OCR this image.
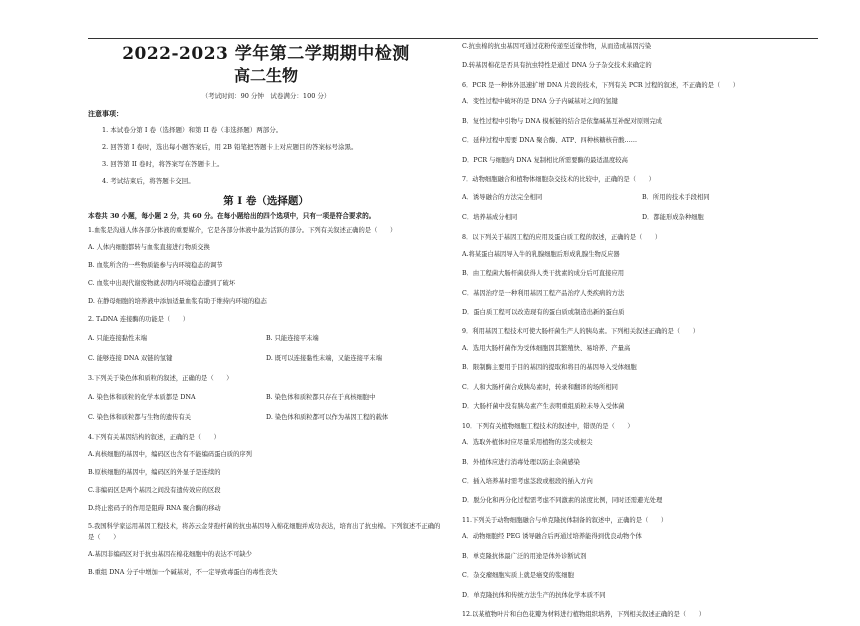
2022-2023 学年第二学期期中检测
高二生物
（考试时间：90 分钟　试卷满分：100 分）
注意事项：
1. 本试卷分第 I 卷（选择题）和第 II 卷（非选择题）两部分。
2. 回答第 I 卷时，选出每小题答案后，用 2B 铅笔把答题卡上对应题目的答案标号涂黑。
3. 回答第 II 卷时，将答案写在答题卡上。
4. 考试结束后，将答题卡交回。
第 I 卷（选择题）
本卷共 30 小题，每小题 2 分，共 60 分。在每小题给出的四个选项中，只有一项是符合要求的。
1.血浆是沟通人体各部分体液的重要媒介，它是各部分体液中最为活跃的部分。下列有关叙述正确的是（　　）
A. 人体内细胞都转与血浆直接进行物质交换
B. 血浆所含的一些物质能参与内环境稳态的调节
C. 血浆中出现代谢废物就表明内环境稳态遭到了破坏
D. 在静母细胞的培养液中添加适量血浆有助于维持内环境的稳态
2. T₄DNA 连接酶的功能是（　　）
A. 只能连接黏性末端	B. 只能连接平末端
C. 能够连接 DNA 双链的氢键	D. 既可以连接黏性末端，又能连接平末端
3.下列关于染色体和质粒的叙述，正确的是（　　）
A. 染色体和质粒的化学本质都是 DNA	B. 染色体和质粒都只存在于真核细胞中
C. 染色体和质粒都与生物的遗传有关	D. 染色体和质粒都可以作为基因工程的载体
4.下列有关基因结构的叙述，正确的是（　　）
A.真核细胞的基因中，编码区也含有不能编码蛋白质的序列
B.原核细胞的基因中，编码区的外显子是连续的
C.非编码区是两个基因之间没有遗传效应的区段
D.终止密码子的作用是阻碍 RNA 聚合酶的移动
5.我国科学家运用基因工程技术，将苏云金芽孢杆菌的抗虫基因导入棉花细胞并成功表达，培育出了抗虫棉。下列叙述不正确的是（　　）
A.基因非编码区对于抗虫基因在棉花细胞中的表达不可缺少
B.重组 DNA 分子中增加一个碱基对，不一定导致毒蛋白的毒性丧失
C.抗虫棉的抗虫基因可通过花粉传递至近缘作物，从而造成基因污染
D.转基因棉花是否具有抗虫特性是通过 DNA 分子杂交技术来确定的
6．PCR 是一种体外迅速扩增 DNA 片段的技术，下列有关 PCR 过程的叙述，不正确的是（　　）
A．变性过程中破坏的是 DNA 分子内碱基对之间的氢键
B．复性过程中引物与 DNA 模板链的结合是依靠碱基互补配对原则完成
C．延伸过程中需要 DNA 聚合酶、ATP、四种核糖核苷酸……
D．PCR 与细胞内 DNA 复制相比所需要酶的最适温度较高
7．动物细胞融合和植物体细胞杂交技术的比较中，正确的是（　　）
A．诱导融合的方法完全相同	B．所用的技术手段相同
C．培养基成分相同	D．都能形成杂种细胞
8．以下列关于基因工程的应用及蛋白质工程的叙述，正确的是（　　）
A.将某蛋白基因导入牛的乳腺细胞后形成乳腺生物反应器
B．由工程菌大肠杆菌获得人类干扰素的成分后可直接应用
C．基因治疗是一种利用基因工程产品治疗人类疾病的方法
D．蛋白质工程可以改造现有的蛋白质或制造出新的蛋白质
9．利用基因工程技术可使大肠杆菌生产人的胰岛素。下列相关叙述正确的是（　　）
A．选用大肠杆菌作为受体细胞因其繁殖快、易培养、产量高
B．限制酶主要用于目的基因的提取和将目的基因导入受体细胞
C．人和大肠杆菌合成胰岛素时，转录和翻译的场所相同
D．大肠杆菌中没有胰岛素产生表明重组质粒未导入受体菌
10．下列有关植物细胞工程技术的叙述中，错误的是（　　）
A．选取外植体时应尽量采用植物的茎尖或根尖
B．外植体应进行消毒处理以防止杂菌感染
C．插入培养基时需考虑茎段或根段的插入方向
D．脱分化和再分化过程需考虑不同激素的浓度比例，同时还需避光处理
11.下列关于动物细胞融合与单克隆抗体制备的叙述中，正确的是（　　）
A．动物细胞经 PEG 诱导融合后再通过培养能得到优良动物个体
B．单克隆抗体最广泛的用途是体外诊断试剂
C．杂交瘤细胞实质上就是癌变的浆细胞
D．单克隆抗体和传统方法生产的抗体化学本质不同
12.以某植物叶片和白色花瓣为材料进行植物组织培养，下列相关叙述正确的是（　　）
